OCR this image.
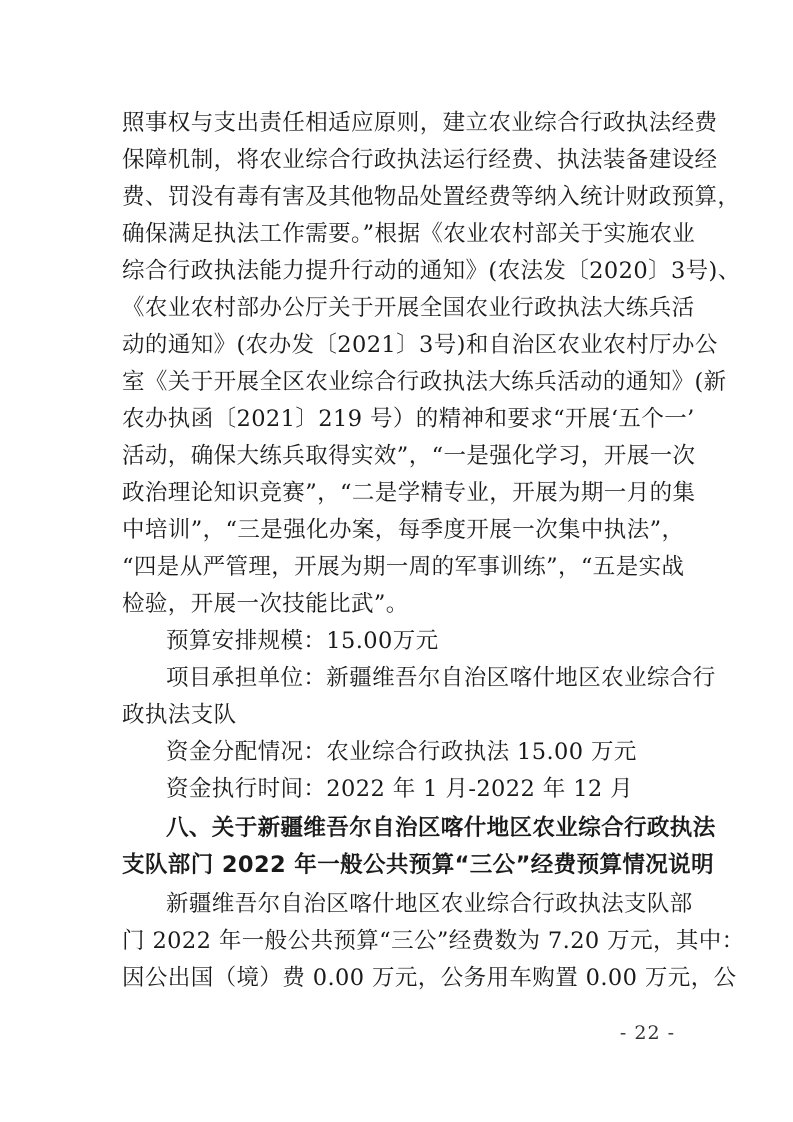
照事权与支出责任相适应原则，建立农业综合行政执法经费
保障机制，将农业综合行政执法运行经费、执法装备建设经
费、罚没有毒有害及其他物品处置经费等纳入统计财政预算，
确保满足执法工作需要。”根据《农业农村部关于实施农业
综合行政执法能力提升行动的通知》(农法发〔2020〕3号)、
《农业农村部办公厅关于开展全国农业行政执法大练兵活
动的通知》(农办发〔2021〕3号)和自治区农业农村厅办公
室《关于开展全区农业综合行政执法大练兵活动的通知》(新
农办执函〔2021〕219 号）的精神和要求“开展‘五个一’
活动，确保大练兵取得实效”，“一是强化学习，开展一次
政治理论知识竞赛”，“二是学精专业，开展为期一月的集
中培训”，“三是强化办案，每季度开展一次集中执法”，
“四是从严管理，开展为期一周的军事训练”，“五是实战
检验，开展一次技能比武”。
预算安排规模：15.00万元
项目承担单位：新疆维吾尔自治区喀什地区农业综合行
政执法支队
资金分配情况：农业综合行政执法 15.00 万元
资金执行时间：2022 年 1 月-2022 年 12 月
八、关于新疆维吾尔自治区喀什地区农业综合行政执法
支队部门 2022 年一般公共预算“三公”经费预算情况说明
新疆维吾尔自治区喀什地区农业综合行政执法支队部
门 2022 年一般公共预算“三公”经费数为 7.20 万元，其中：
因公出国（境）费 0.00 万元，公务用车购置 0.00 万元，公
- 22 -
